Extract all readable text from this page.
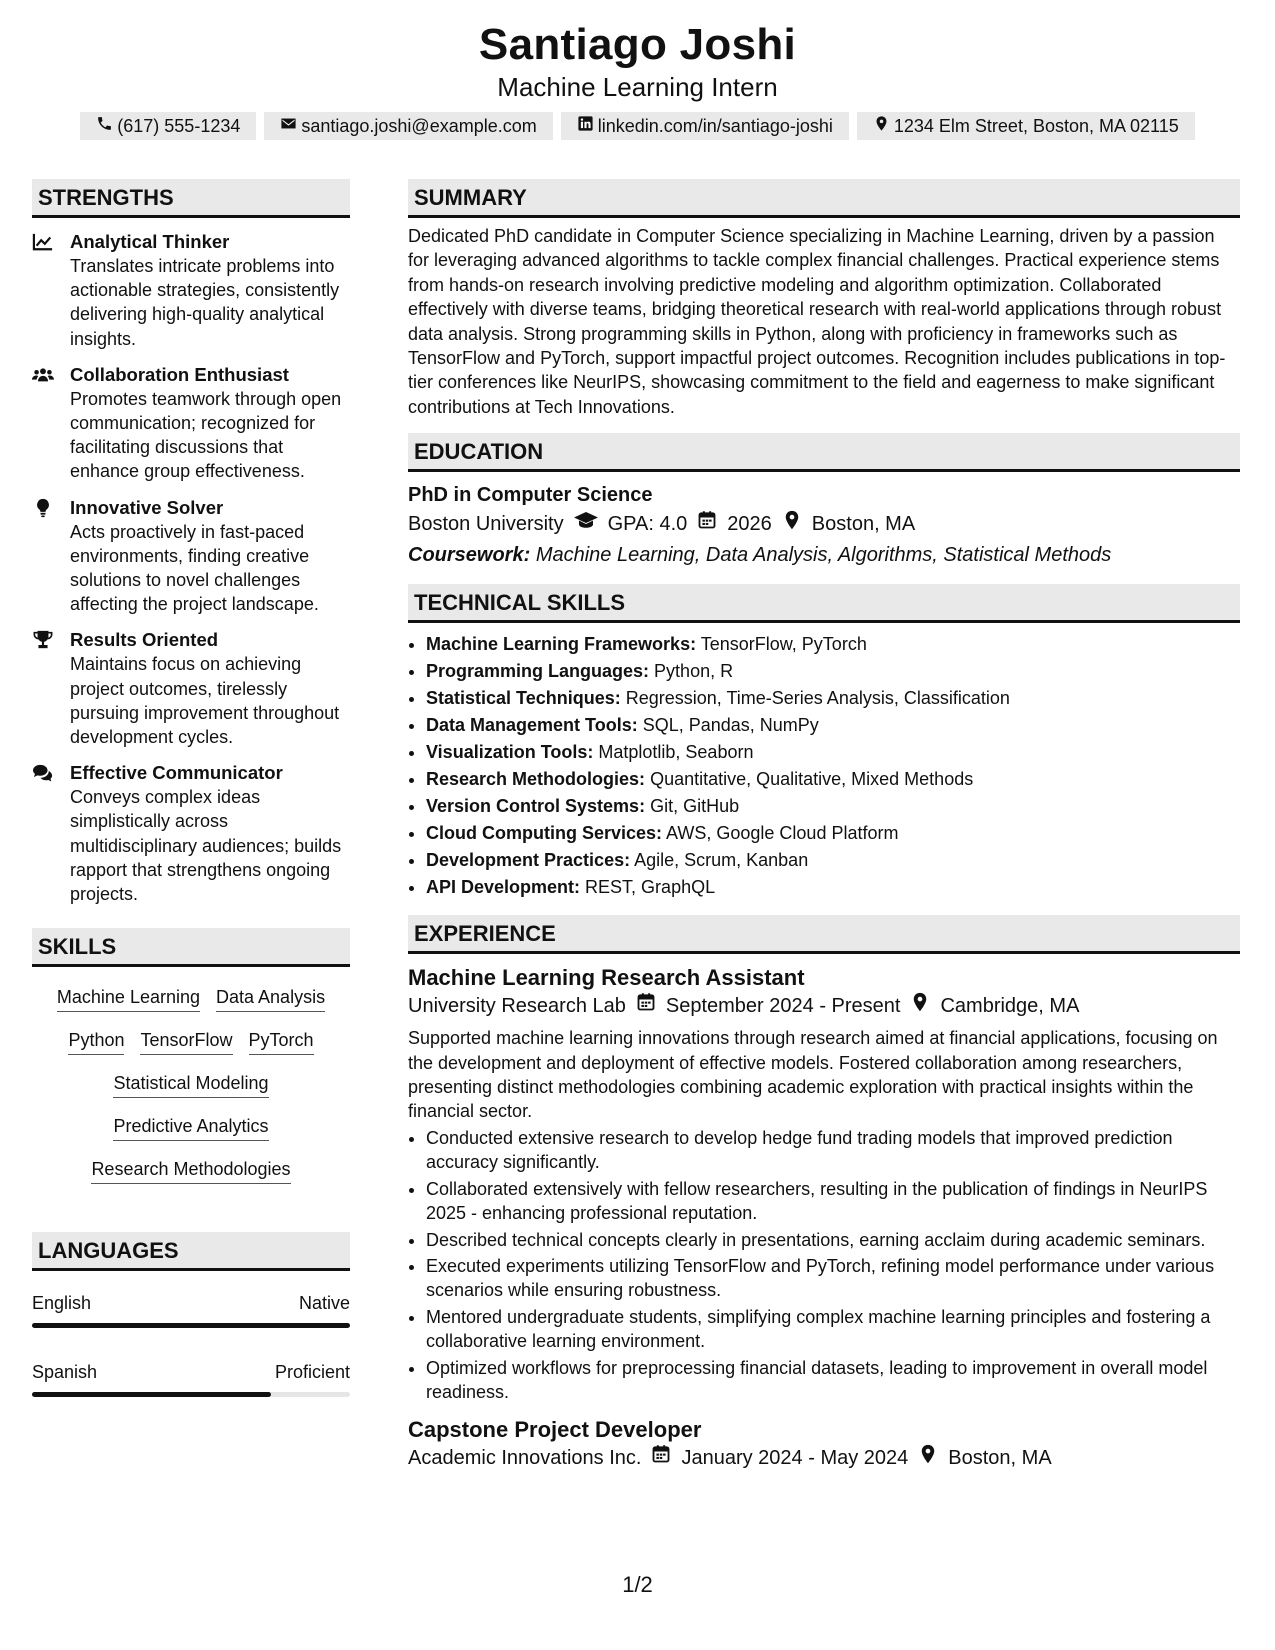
Santiago Joshi
Machine Learning Intern
(617) 555-1234	santiago.joshi@example.com	linkedin.com/in/santiago-joshi	1234 Elm Street, Boston, MA 02115
STRENGTHS
Analytical Thinker
Translates intricate problems into actionable strategies, consistently delivering high-quality analytical insights.
Collaboration Enthusiast
Promotes teamwork through open communication; recognized for facilitating discussions that enhance group effectiveness.
Innovative Solver
Acts proactively in fast-paced environments, finding creative solutions to novel challenges affecting the project landscape.
Results Oriented
Maintains focus on achieving project outcomes, tirelessly pursuing improvement throughout development cycles.
Effective Communicator
Conveys complex ideas simplistically across multidisciplinary audiences; builds rapport that strengthens ongoing projects.
SKILLS
Machine Learning Data Analysis
Python TensorFlow PyTorch
Statistical Modeling
Predictive Analytics
Research Methodologies
LANGUAGES
English	Native
Spanish	Proficient
SUMMARY
Dedicated PhD candidate in Computer Science specializing in Machine Learning, driven by a passion for leveraging advanced algorithms to tackle complex financial challenges. Practical experience stems from hands-on research involving predictive modeling and algorithm optimization. Collaborated effectively with diverse teams, bridging theoretical research with real-world applications through robust data analysis. Strong programming skills in Python, along with proficiency in frameworks such as TensorFlow and PyTorch, support impactful project outcomes. Recognition includes publications in top-tier conferences like NeurIPS, showcasing commitment to the field and eagerness to make significant contributions at Tech Innovations.
EDUCATION
PhD in Computer Science
Boston University GPA: 4.0 2026 Boston, MA
Coursework: Machine Learning, Data Analysis, Algorithms, Statistical Methods
TECHNICAL SKILLS
• Machine Learning Frameworks: TensorFlow, PyTorch
• Programming Languages: Python, R
• Statistical Techniques: Regression, Time-Series Analysis, Classification
• Data Management Tools: SQL, Pandas, NumPy
• Visualization Tools: Matplotlib, Seaborn
• Research Methodologies: Quantitative, Qualitative, Mixed Methods
• Version Control Systems: Git, GitHub
• Cloud Computing Services: AWS, Google Cloud Platform
• Development Practices: Agile, Scrum, Kanban
• API Development: REST, GraphQL
EXPERIENCE
Machine Learning Research Assistant
University Research Lab September 2024 - Present Cambridge, MA
Supported machine learning innovations through research aimed at financial applications, focusing on the development and deployment of effective models. Fostered collaboration among researchers, presenting distinct methodologies combining academic exploration with practical insights within the financial sector.
• Conducted extensive research to develop hedge fund trading models that improved prediction accuracy significantly.
• Collaborated extensively with fellow researchers, resulting in the publication of findings in NeurIPS 2025 - enhancing professional reputation.
• Described technical concepts clearly in presentations, earning acclaim during academic seminars.
• Executed experiments utilizing TensorFlow and PyTorch, refining model performance under various scenarios while ensuring robustness.
• Mentored undergraduate students, simplifying complex machine learning principles and fostering a collaborative learning environment.
• Optimized workflows for preprocessing financial datasets, leading to improvement in overall model readiness.
Capstone Project Developer
Academic Innovations Inc. January 2024 - May 2024 Boston, MA
1/2
